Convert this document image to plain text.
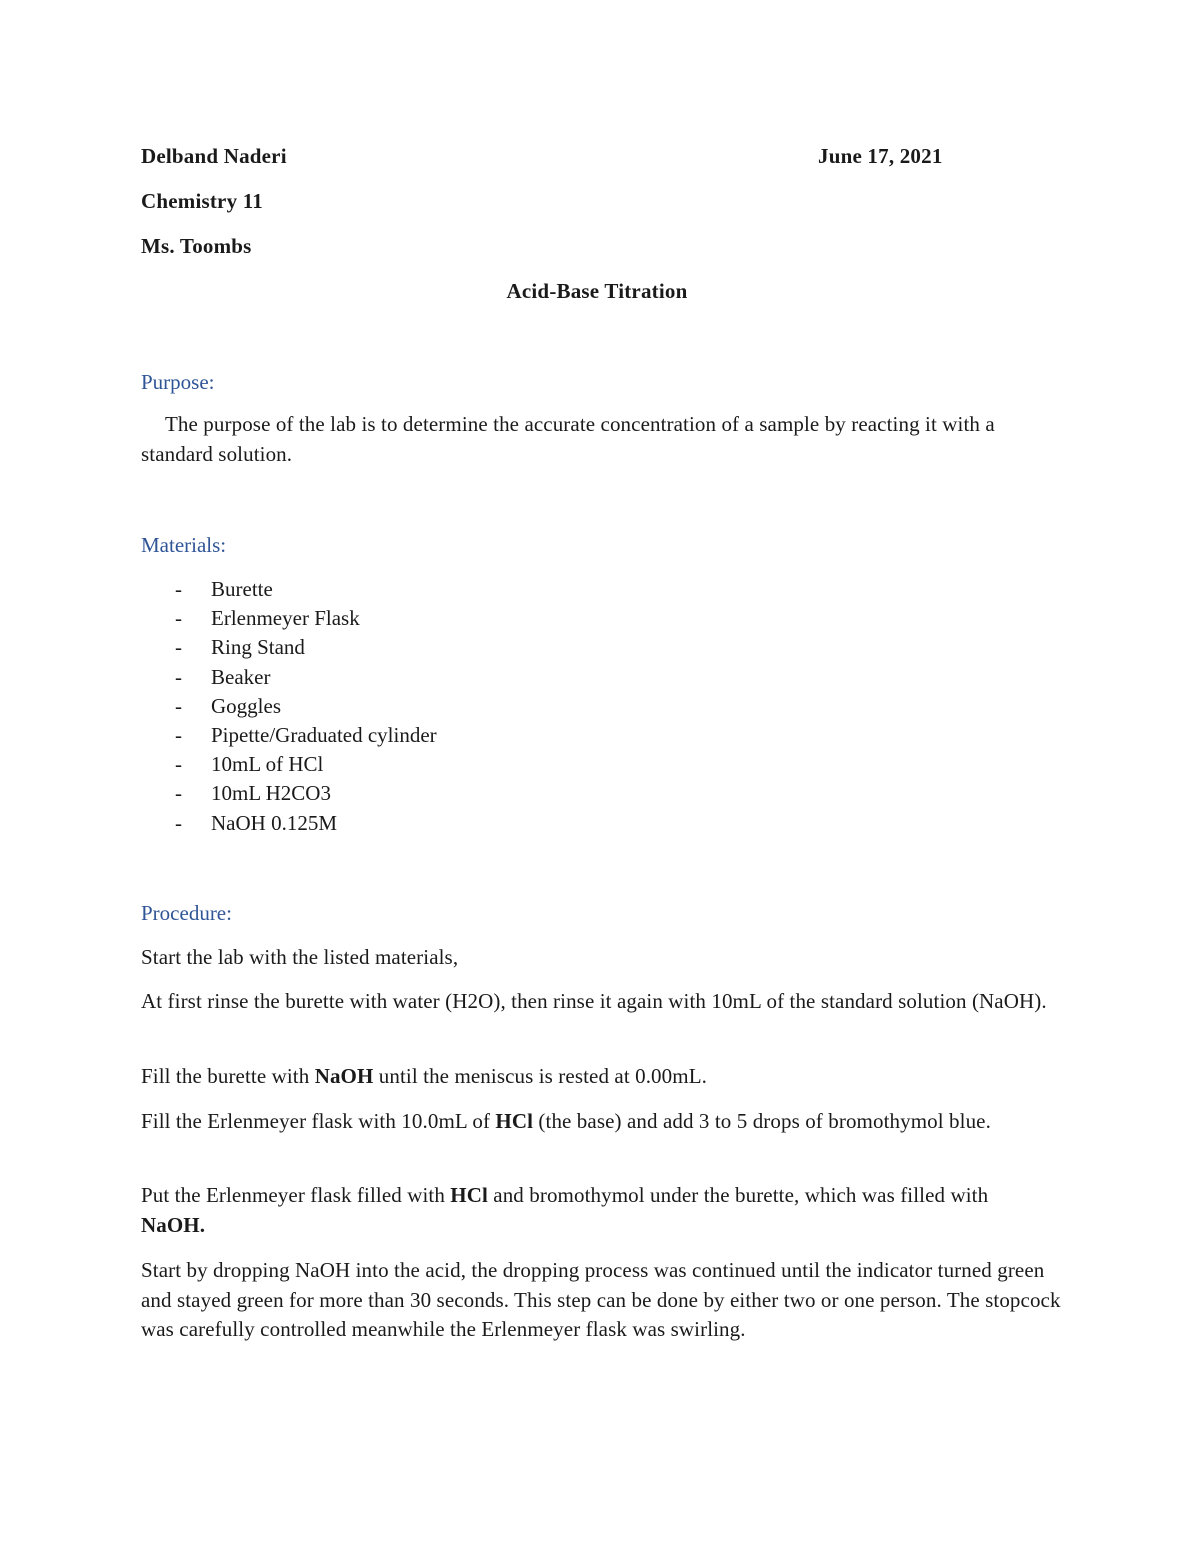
Delband Naderi	June 17, 2021

Chemistry 11

Ms. Toombs

Acid-Base Titration

Purpose:

The purpose of the lab is to determine the accurate concentration of a sample by reacting it with a standard solution.

Materials:

- Burette
- Erlenmeyer Flask
- Ring Stand
- Beaker
- Goggles
- Pipette/Graduated cylinder
- 10mL of HCl
- 10mL H2CO3
- NaOH 0.125M

Procedure:

Start the lab with the listed materials,

At first rinse the burette with water (H2O), then rinse it again with 10mL of the standard solution (NaOH).

Fill the burette with NaOH until the meniscus is rested at 0.00mL.

Fill the Erlenmeyer flask with 10.0mL of HCl (the base) and add 3 to 5 drops of bromothymol blue.

Put the Erlenmeyer flask filled with HCl and bromothymol under the burette, which was filled with NaOH.

Start by dropping NaOH into the acid, the dropping process was continued until the indicator turned green and stayed green for more than 30 seconds. This step can be done by either two or one person. The stopcock was carefully controlled meanwhile the Erlenmeyer flask was swirling.
